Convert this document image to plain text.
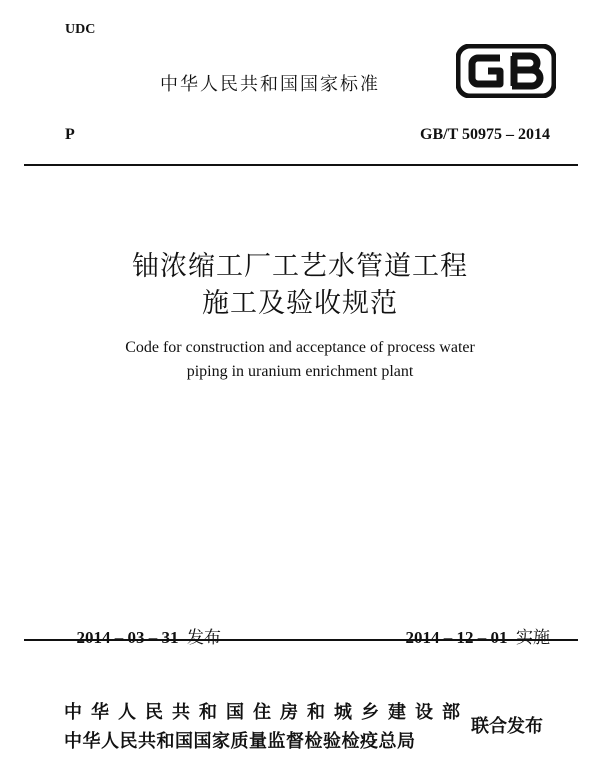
UDC
中华人民共和国国家标准
P	GB/T 50975 – 2014
铀浓缩工厂工艺水管道工程
施工及验收规范
Code for construction and acceptance of process water
piping in uranium enrichment plant

2014 – 03 – 31 发布	2014 – 12 – 01 实施

中华人民共和国住房和城乡建设部
中华人民共和国国家质量监督检验检疫总局
联合发布
